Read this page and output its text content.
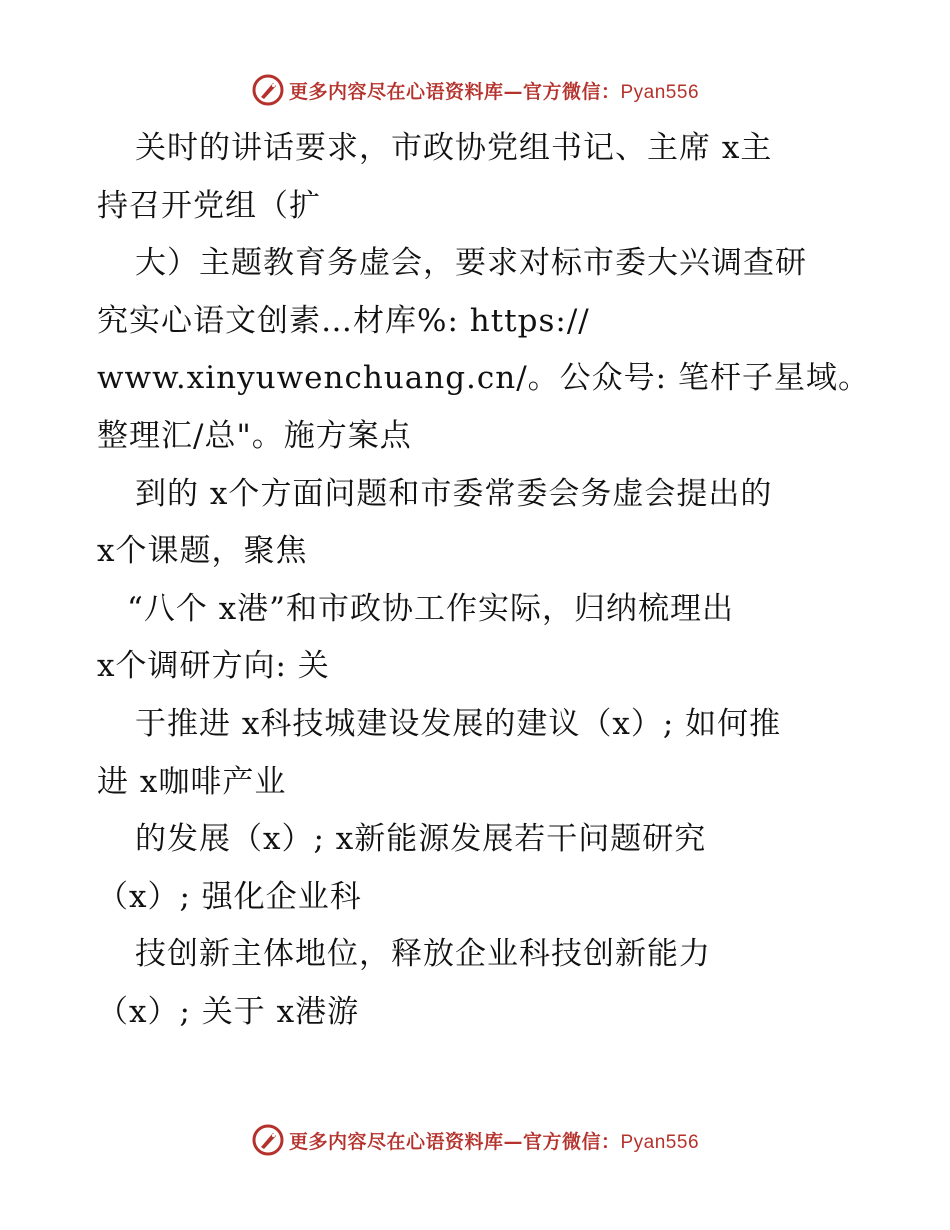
更多内容尽在心语资料库—官方微信：Pyan556
关时的讲话要求，市政协党组书记、主席 x主
持召开党组（扩
大）主题教育务虚会，要求对标市委大兴调查研
究实心语文创素…材库%: https://
www.xinyuwenchuang.cn/。公众号: 笔杆子星域。
整理汇/总"。施方案点
到的 x个方面问题和市委常委会务虚会提出的
x个课题，聚焦
“八个 x港”和市政协工作实际，归纳梳理出
x个调研方向: 关
于推进 x科技城建设发展的建议（x）; 如何推
进 x咖啡产业
的发展（x）; x新能源发展若干问题研究
（x）; 强化企业科
技创新主体地位，释放企业科技创新能力
（x）; 关于 x港游
更多内容尽在心语资料库—官方微信：Pyan556
